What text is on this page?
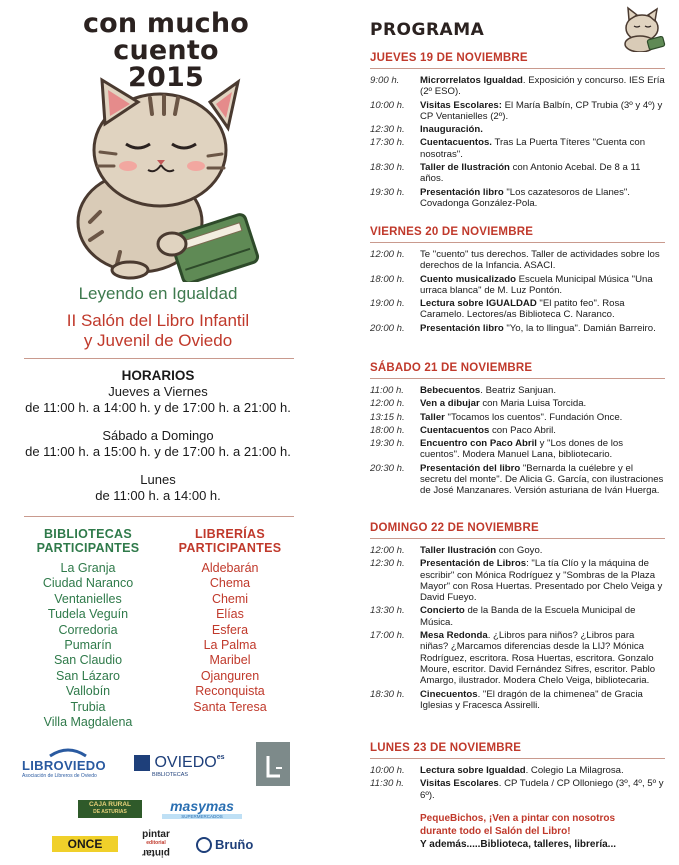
con mucho
cuento 2015
Leyendo en Igualdad
II Salón del Libro Infantil
y Juvenil de Oviedo
HORARIOS
Jueves a Viernes
de 11:00 h. a 14:00 h. y de 17:00 h. a 21:00 h.
Sábado a Domingo
de 11:00 h. a 15:00 h. y de 17:00 h. a 21:00 h.
Lunes
de 11:00 h. a 14:00 h.
BIBLIOTECAS
PARTICIPANTES
La Granja
Ciudad Naranco
Ventanielles
Tudela Veguín
Corredoria
Pumarín
San Claudio
San Lázaro
Vallobín
Trubia
Villa Magdalena
LIBRERÍAS
PARTICIPANTES
Aldebarán
Chema
Chemi
Elías
Esfera
La Palma
Maribel
Ojanguren
Reconquista
Santa Teresa
LIBROVIEDO
Asociación de Libreros de Oviedo
$OVIEDO^{es}$
BIBLIOTECAS
CAJA RURAL
DE ASTURIAS	masymas
SUPERMERCADOS
ONCE
pintar
editorial
pintar
Bruño
PROGRAMA
JUEVES 19 DE NOVIEMBRE
9:00 h.	Microrrelatos Igualdad. Exposición y concurso. IES Ería (2º ESO).
10:00 h.	Visitas Escolares: El María Balbín, CP Trubia (3º y 4º) y CP Ventanielles (2º).
12:30 h.	Inauguración.
17:30 h.	Cuentacuentos. Tras La Puerta Títeres "Cuenta con nosotras".
18:30 h.	Taller de Ilustración con Antonio Acebal. De 8 a 11 años.
19:30 h.	Presentación libro "Los cazatesoros de Llanes". Covadonga González-Pola.
VIERNES 20 DE NOVIEMBRE
12:00 h.	Te "cuento" tus derechos. Taller de actividades sobre los derechos de la Infancia. ASACI.
18:00 h.	Cuento musicalizado Escuela Municipal Música "Una urraca blanca" de M. Luz Pontón.
19:00 h.	Lectura sobre IGUALDAD "El patito feo". Rosa Caramelo. Lectores/as Biblioteca C. Naranco.
20:00 h.	Presentación libro "Yo, la to llingua". Damián Barreiro.
SÁBADO 21 DE NOVIEMBRE
11:00 h.	Bebecuentos. Beatriz Sanjuan.
12:00 h.	Ven a dibujar con Maria Luisa Torcida.
13:15 h.	Taller "Tocamos los cuentos". Fundación Once.
18:00 h.	Cuentacuentos con Paco Abril.
19:30 h.	Encuentro con Paco Abril y "Los dones de los cuentos". Modera Manuel Lana, bibliotecario.
20:30 h.	Presentación del libro "Bernarda la cuélebre y el secretu del monte". De Alicia G. García, con ilustraciones de José Manzanares. Versión asturiana de Iván Huerga.
DOMINGO 22 DE NOVIEMBRE
12:00 h.	Taller Ilustración con Goyo.
12:30 h.	Presentación de Libros: "La tía Clío y la máquina de escribir" con Mónica Rodríguez y "Sombras de la Plaza Mayor" con Rosa Huertas. Presentado por Chelo Veiga y David Fueyo.
13:30 h.	Concierto de la Banda de la Escuela Municipal de Música.
17:00 h.	Mesa Redonda. ¿Libros para niños? ¿Libros para niñas? ¿Marcamos diferencias desde la LIJ? Mónica Rodríguez, escritora. Rosa Huertas, escritora. Gonzalo Moure, escritor. David Fernández Sifres, escritor. Pablo Amargo, ilustrador. Modera Chelo Veiga, bibliotecaria.
18:30 h.	Cinecuentos. "El dragón de la chimenea" de Gracia Iglesias y Fracesca Assirelli.
LUNES 23 DE NOVIEMBRE
10:00 h.	Lectura sobre Igualdad. Colegio La Milagrosa.
11:30 h.	Visitas Escolares. CP Tudela / CP Olloniego (3º, 4º, 5º y 6º).
PequeBichos, ¡Ven a pintar con nosotros
durante todo el Salón del Libro!
Y además.....Biblioteca, talleres, librería...
